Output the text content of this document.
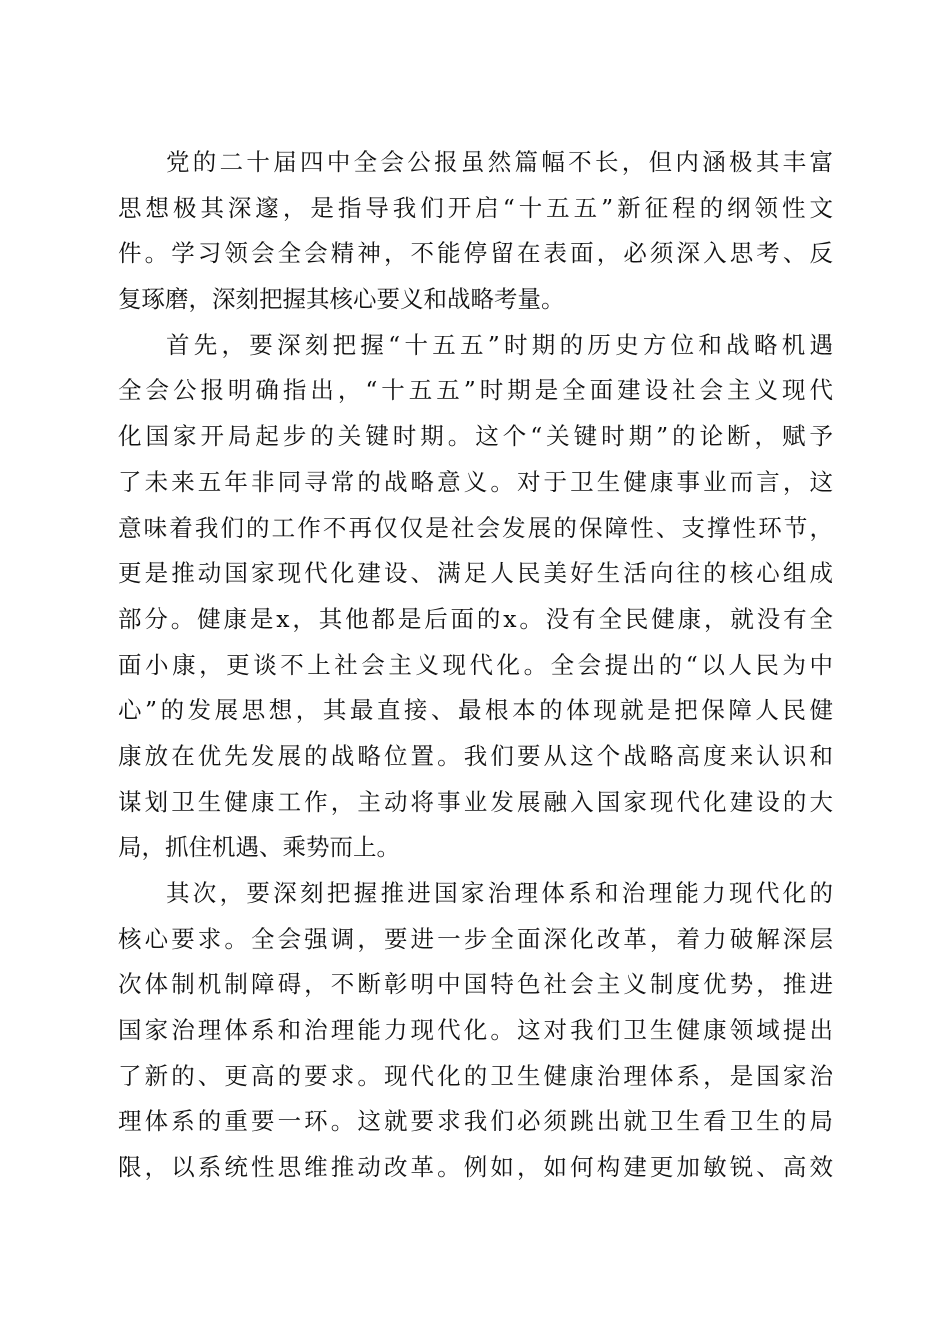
党的二十届四中全会公报虽然篇幅不长，但内涵极其丰富
思想极其深邃，是指导我们开启“十五五”新征程的纲领性文
件。学习领会全会精神，不能停留在表面，必须深入思考、反
复琢磨，深刻把握其核心要义和战略考量。
首先，要深刻把握“十五五”时期的历史方位和战略机遇
全会公报明确指出，“十五五”时期是全面建设社会主义现代
化国家开局起步的关键时期。这个“关键时期”的论断，赋予
了未来五年非同寻常的战略意义。对于卫生健康事业而言，这
意味着我们的工作不再仅仅是社会发展的保障性、支撑性环节，
更是推动国家现代化建设、满足人民美好生活向往的核心组成
部分。健康是x，其他都是后面的x。没有全民健康，就没有全
面小康，更谈不上社会主义现代化。全会提出的“以人民为中
心”的发展思想，其最直接、最根本的体现就是把保障人民健
康放在优先发展的战略位置。我们要从这个战略高度来认识和
谋划卫生健康工作，主动将事业发展融入国家现代化建设的大
局，抓住机遇、乘势而上。
其次，要深刻把握推进国家治理体系和治理能力现代化的
核心要求。全会强调，要进一步全面深化改革，着力破解深层
次体制机制障碍，不断彰明中国特色社会主义制度优势，推进
国家治理体系和治理能力现代化。这对我们卫生健康领域提出
了新的、更高的要求。现代化的卫生健康治理体系，是国家治
理体系的重要一环。这就要求我们必须跳出就卫生看卫生的局
限，以系统性思维推动改革。例如，如何构建更加敏锐、高效
